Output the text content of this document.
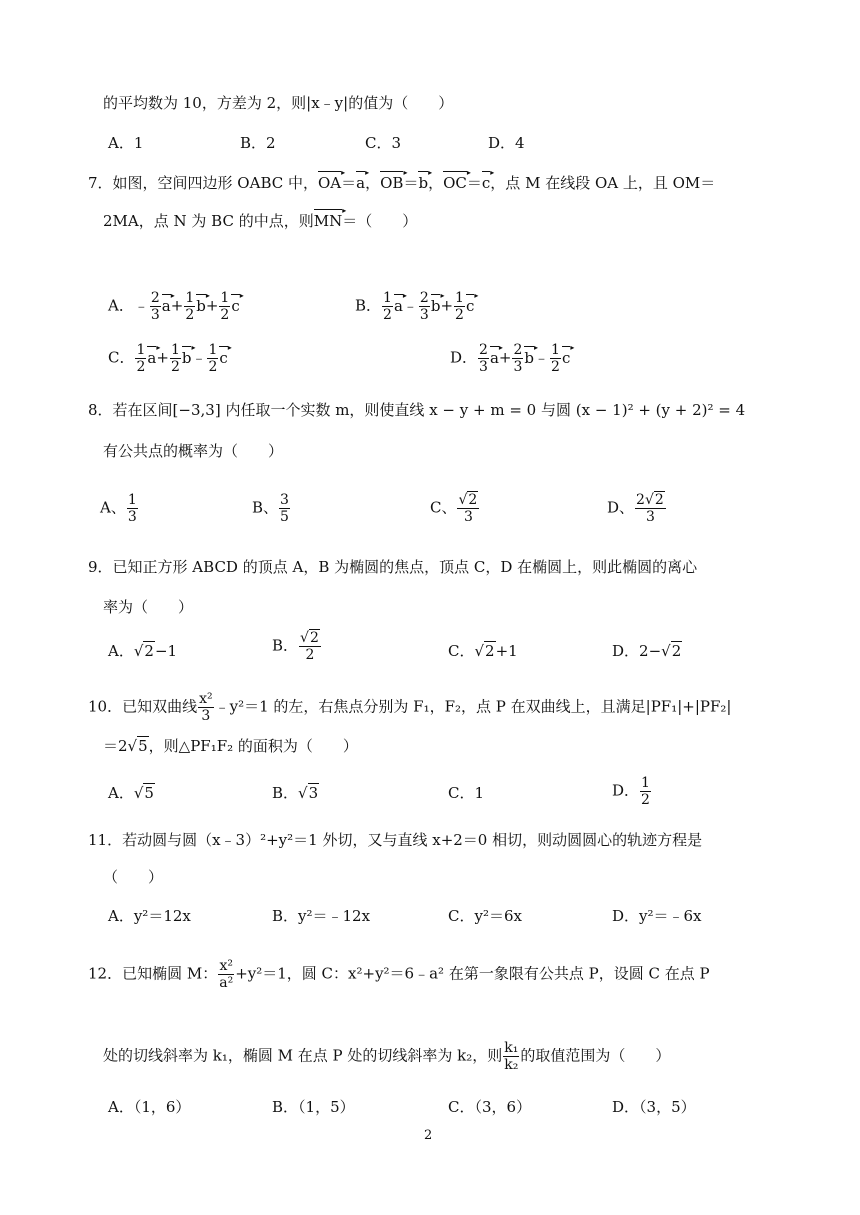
的平均数为 10，方差为 2，则|x﹣y|的值为（　　）
A．1	B．2	C．3	D．4
7．如图，空间四边形 OABC 中，OA ▸＝a ▸，OB ▸＝b ▸，OC ▸＝c ▸，点 M 在线段 OA 上，且 OM＝
2MA，点 N 为 BC 的中点，则MN ▸＝（　　）
A．﹣ $\frac{2}{3}$ a ▸+ $\frac{1}{2}$ b ▸+ $\frac{1}{2}$ c ▸	B． $\frac{1}{2}$ a ▸﹣ $\frac{2}{3}$ b ▸+ $\frac{1}{2}$ c ▸
C． $\frac{1}{2}$ a ▸+ $\frac{1}{2}$ b ▸﹣ $\frac{1}{2}$ c ▸	D． $\frac{2}{3}$ a ▸+ $\frac{2}{3}$ b ▸﹣ $\frac{1}{2}$ c ▸
8．若在区间[−3,3] 内任取一个实数 m，则使直线 x − y + m = 0 与圆 (x − 1)² + (y + 2)² = 4
有公共点的概率为（　　）
A、 $\frac{1}{3}$	B、 $\frac{3}{5}$	C、 $\frac{√2}{3}$	D、 $\frac{2√2}{3}$
9．已知正方形 ABCD 的顶点 A，B 为椭圆的焦点，顶点 C，D 在椭圆上，则此椭圆的离心
率为（　　）
A．√2−1	B． $\frac{√2}{2}$	C．√2+1	D．2−√2
10．已知双曲线 $\frac{\text{x²}}{3}$ ﹣y²＝1 的左，右焦点分别为 F₁，F₂，点 P 在双曲线上，且满足|PF₁|+|PF₂|
＝2√5，则△PF₁F₂ 的面积为（　　）
A．√5	B．√3	C．1	D． $\frac{1}{2}$
11．若动圆与圆（x﹣3）²+y²＝1 外切，又与直线 x+2＝0 相切，则动圆圆心的轨迹方程是
（　　）
A．y²＝12x	B．y²＝﹣12x	C．y²＝6x	D．y²＝﹣6x
12．已知椭圆 M： $\frac{\text{x²}}{\text{a²}} +y^2=1$，圆 C：x²+y²＝6﹣a² 在第一象限有公共点 P，设圆 C 在点 P
处的切线斜率为 k₁，椭圆 M 在点 P 处的切线斜率为 k₂，则 $\frac{\text{k₁}}{\text{k₂}}$ 的取值范围为（　　）
A．（1，6）	B．（1，5）	C．（3，6）	D．（3，5）
2
